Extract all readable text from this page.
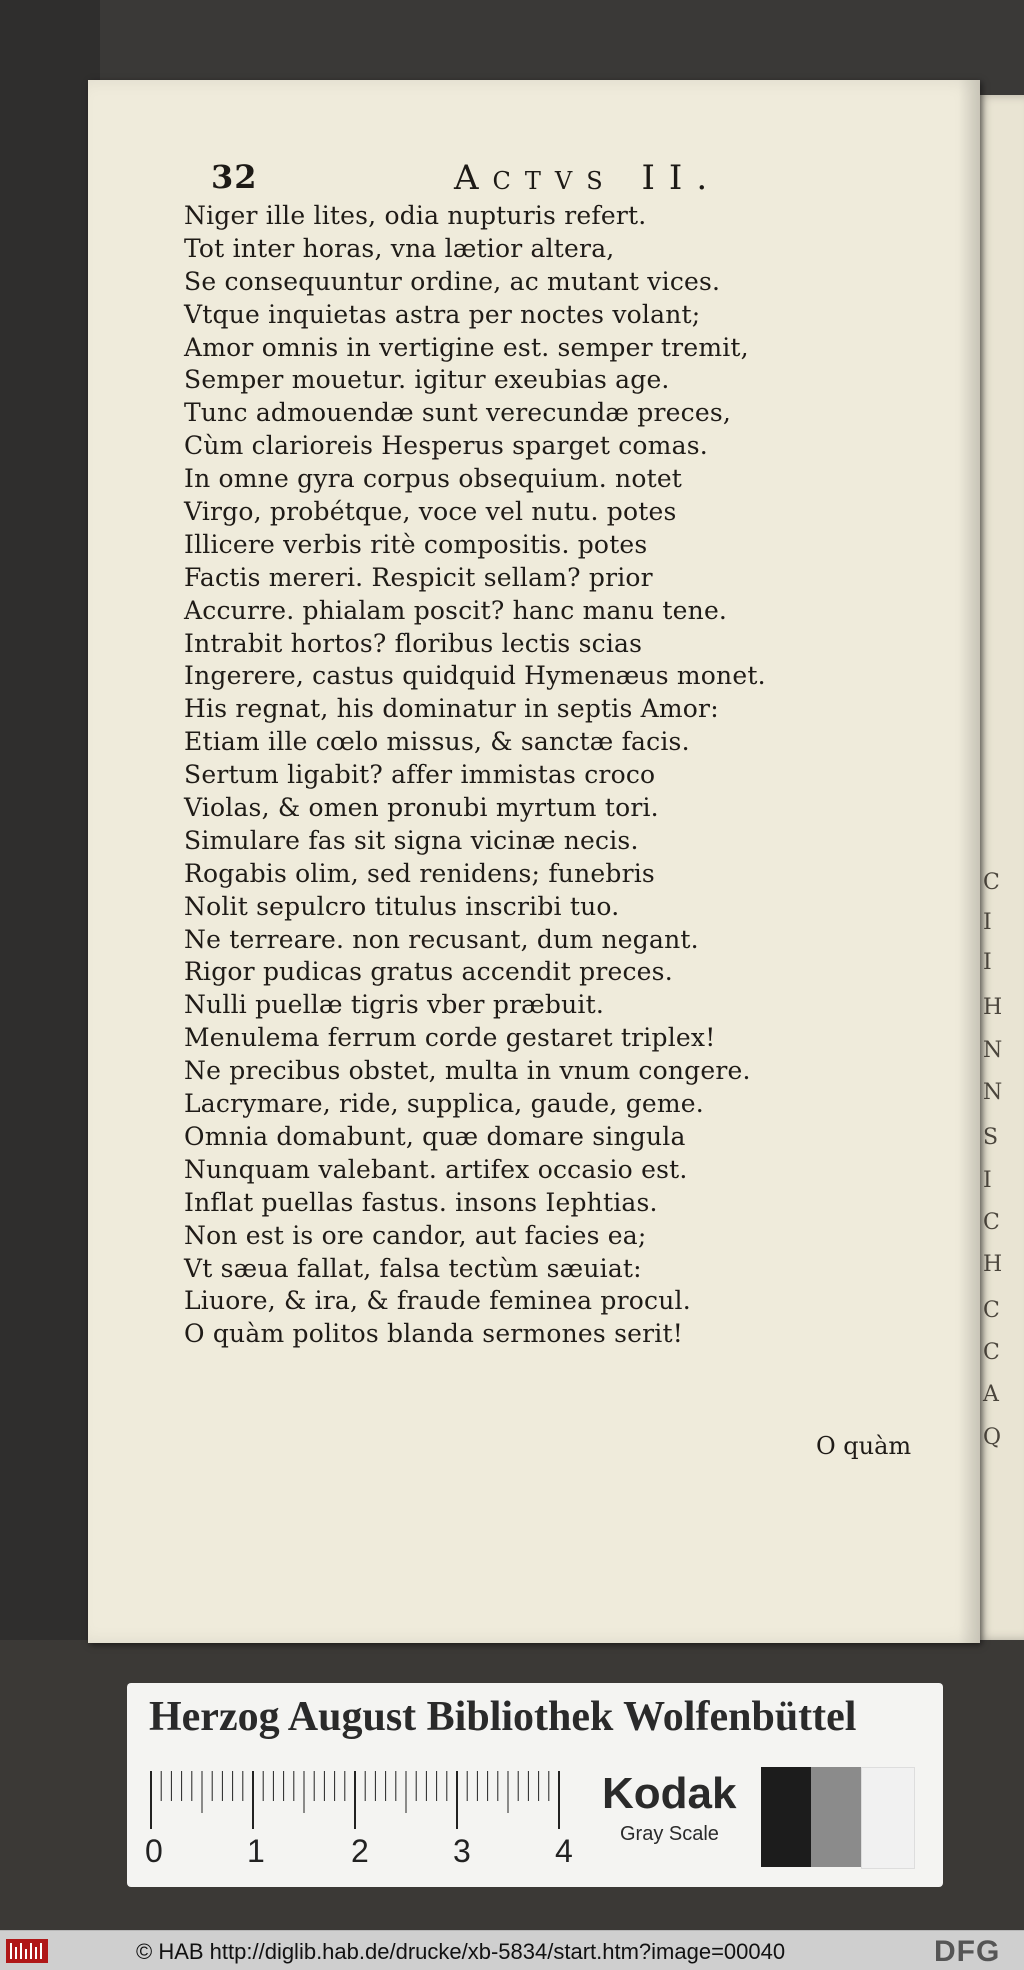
C
I
I
H
N
N
S
I
C
H
C
C
A
Q
32	Actvs II.
Niger ille lites, odia nupturis refert.
Tot inter horas, vna lætior altera,
Se consequuntur ordine, ac mutant vices.
Vtque inquietas astra per noctes volant;
Amor omnis in vertigine est. semper tremit,
Semper mouetur. igitur exeubias age.
Tunc admouendæ sunt verecundæ preces,
Cùm clarioreis Hesperus sparget comas.
In omne gyra corpus obsequium. notet
Virgo, probétque, voce vel nutu. potes
Illicere verbis ritè compositis. potes
Factis mereri. Respicit sellam? prior
Accurre. phialam poscit? hanc manu tene.
Intrabit hortos? floribus lectis scias
Ingerere, castus quidquid Hymenæus monet.
His regnat, his dominatur in septis Amor:
Etiam ille cœlo missus, & sanctæ facis.
Sertum ligabit? affer immistas croco
Violas, & omen pronubi myrtum tori.
Simulare fas sit signa vicinæ necis.
Rogabis olim, sed renidens; funebris
Nolit sepulcro titulus inscribi tuo.
Ne terreare. non recusant, dum negant.
Rigor pudicas gratus accendit preces.
Nulli puellæ tigris vber præbuit.
Menulema ferrum corde gestaret triplex!
Ne precibus obstet, multa in vnum congere.
Lacrymare, ride, supplica, gaude, geme.
Omnia domabunt, quæ domare singula
Nunquam valebant. artifex occasio est.
Inflat puellas fastus. insons Iephtias.
Non est is ore candor, aut facies ea;
Vt sæua fallat, falsa tectùm sæuiat:
Liuore, & ira, & fraude feminea procul.
O quàm politos blanda sermones serit!
O quàm
Herzog August Bibliothek Wolfenbüttel
0	1	2	3	4
Kodak
Gray Scale
© HAB http://diglib.hab.de/drucke/xb-5834/start.htm?image=00040	DFG
